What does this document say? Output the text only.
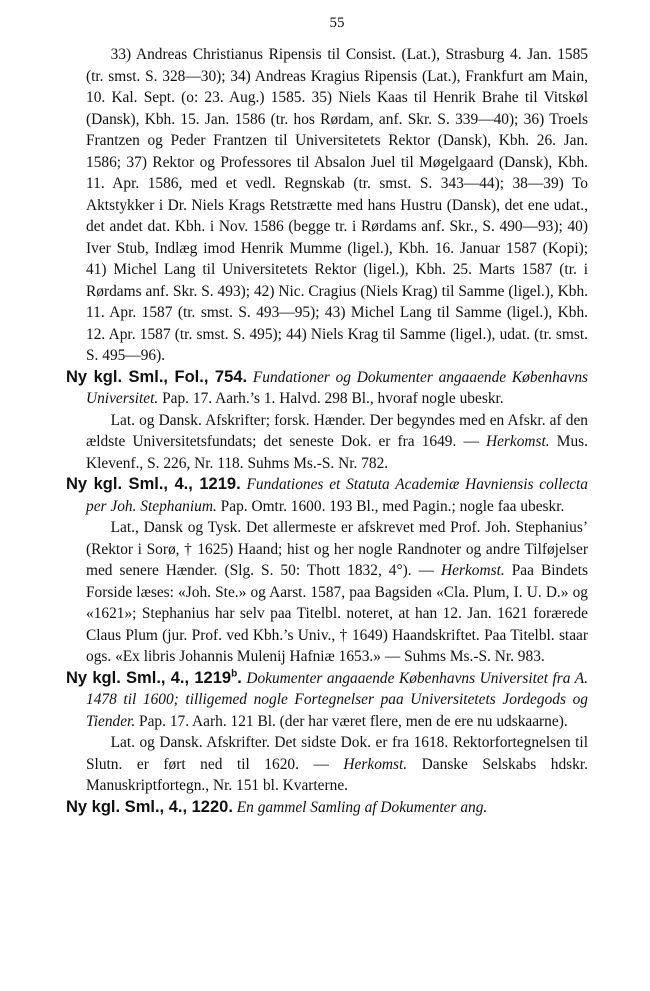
55

33) Andreas Christianus Ripensis til Consist. (Lat.), Strasburg 4. Jan. 1585 (tr. smst. S. 328—30); 34) Andreas Kragius Ripensis (Lat.), Frankfurt am Main, 10. Kal. Sept. (o: 23. Aug.) 1585. 35) Niels Kaas til Henrik Brahe til Vitskøl (Dansk), Kbh. 15. Jan. 1586 (tr. hos Rørdam, anf. Skr. S. 339—40); 36) Troels Frantzen og Peder Frantzen til Universitetets Rektor (Dansk), Kbh. 26. Jan. 1586; 37) Rektor og Professores til Absalon Juel til Møgelgaard (Dansk), Kbh. 11. Apr. 1586, med et vedl. Regnskab (tr. smst. S. 343—44); 38—39) To Aktstykker i Dr. Niels Krags Retstrætte med hans Hustru (Dansk), det ene udat., det andet dat. Kbh. i Nov. 1586 (begge tr. i Rørdams anf. Skr., S. 490—93); 40) Iver Stub, Indlæg imod Henrik Mumme (ligel.), Kbh. 16. Januar 1587 (Kopi); 41) Michel Lang til Universitetets Rektor (ligel.), Kbh. 25. Marts 1587 (tr. i Rørdams anf. Skr. S. 493); 42) Nic. Cragius (Niels Krag) til Samme (ligel.), Kbh. 11. Apr. 1587 (tr. smst. S. 493—95); 43) Michel Lang til Samme (ligel.), Kbh. 12. Apr. 1587 (tr. smst. S. 495); 44) Niels Krag til Samme (ligel.), udat. (tr. smst. S. 495—96).

Ny kgl. Sml., Fol., 754. Fundationer og Dokumenter angaaende Københavns Universitet. Pap. 17. Aarh.’s 1. Halvd. 298 Bl., hvoraf nogle ubeskr.

Lat. og Dansk. Afskrifter; forsk. Hænder. Der begyndes med en Afskr. af den ældste Universitetsfundats; det seneste Dok. er fra 1649. — Herkomst. Mus. Klevenf., S. 226, Nr. 118. Suhms Ms.-S. Nr. 782.

Ny kgl. Sml., 4., 1219. Fundationes et Statuta Academiæ Havniensis collecta per Joh. Stephanium. Pap. Omtr. 1600. 193 Bl., med Pagin.; nogle faa ubeskr.

Lat., Dansk og Tysk. Det allermeste er afskrevet med Prof. Joh. Stephanius’ (Rektor i Sorø, † 1625) Haand; hist og her nogle Randnoter og andre Tilføjelser med senere Hænder. (Slg. S. 50: Thott 1832, 4°). — Herkomst. Paa Bindets Forside læses: «Joh. Ste.» og Aarst. 1587, paa Bagsiden «Cla. Plum, I. U. D.» og «1621»; Stephanius har selv paa Titelbl. noteret, at han 12. Jan. 1621 forærede Claus Plum (jur. Prof. ved Kbh.’s Univ., † 1649) Haandskriftet. Paa Titelbl. staar ogs. «Ex libris Johannis Mulenij Hafniæ 1653.» — Suhms Ms.-S. Nr. 983.

Ny kgl. Sml., 4., 1219$^b$. Dokumenter angaaende Københavns Universitet fra A. 1478 til 1600; tilligemed nogle Fortegnelser paa Universitetets Jordegods og Tiender. Pap. 17. Aarh. 121 Bl. (der har været flere, men de ere nu udskaarne).

Lat. og Dansk. Afskrifter. Det sidste Dok. er fra 1618. Rektorfortegnelsen til Slutn. er ført ned til 1620. — Herkomst. Danske Selskabs hdskr. Manuskriptfortegn., Nr. 151 bl. Kvarterne.

Ny kgl. Sml., 4., 1220. En gammel Samling af Dokumenter ang.
